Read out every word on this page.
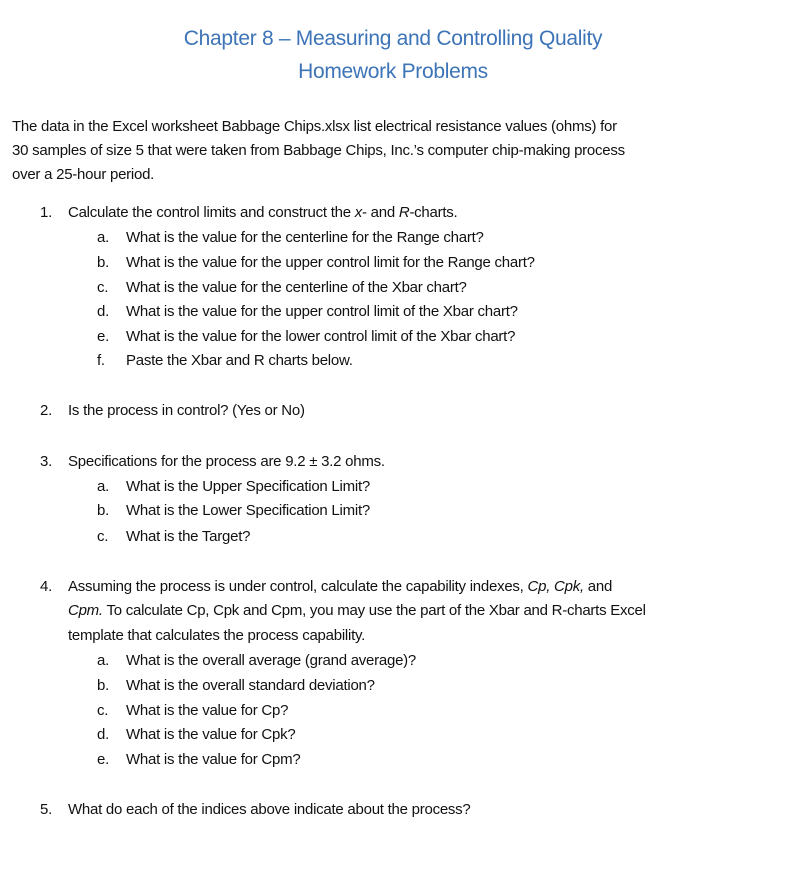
Chapter 8 – Measuring and Controlling Quality
Homework Problems
The data in the Excel worksheet Babbage Chips.xlsx list electrical resistance values (ohms) for
30 samples of size 5 that were taken from Babbage Chips, Inc.’s computer chip-making process
over a 25-hour period.
1. Calculate the control limits and construct the x- and R-charts.
a. What is the value for the centerline for the Range chart?
b. What is the value for the upper control limit for the Range chart?
c. What is the value for the centerline of the Xbar chart?
d. What is the value for the upper control limit of the Xbar chart?
e. What is the value for the lower control limit of the Xbar chart?
f. Paste the Xbar and R charts below.
2. Is the process in control? (Yes or No)
3. Specifications for the process are 9.2 ± 3.2 ohms.
a. What is the Upper Specification Limit?
b. What is the Lower Specification Limit?
c. What is the Target?
4. Assuming the process is under control, calculate the capability indexes, Cp, Cpk, and
Cpm. To calculate Cp, Cpk and Cpm, you may use the part of the Xbar and R-charts Excel
template that calculates the process capability.
a. What is the overall average (grand average)?
b. What is the overall standard deviation?
c. What is the value for Cp?
d. What is the value for Cpk?
e. What is the value for Cpm?
5. What do each of the indices above indicate about the process?
